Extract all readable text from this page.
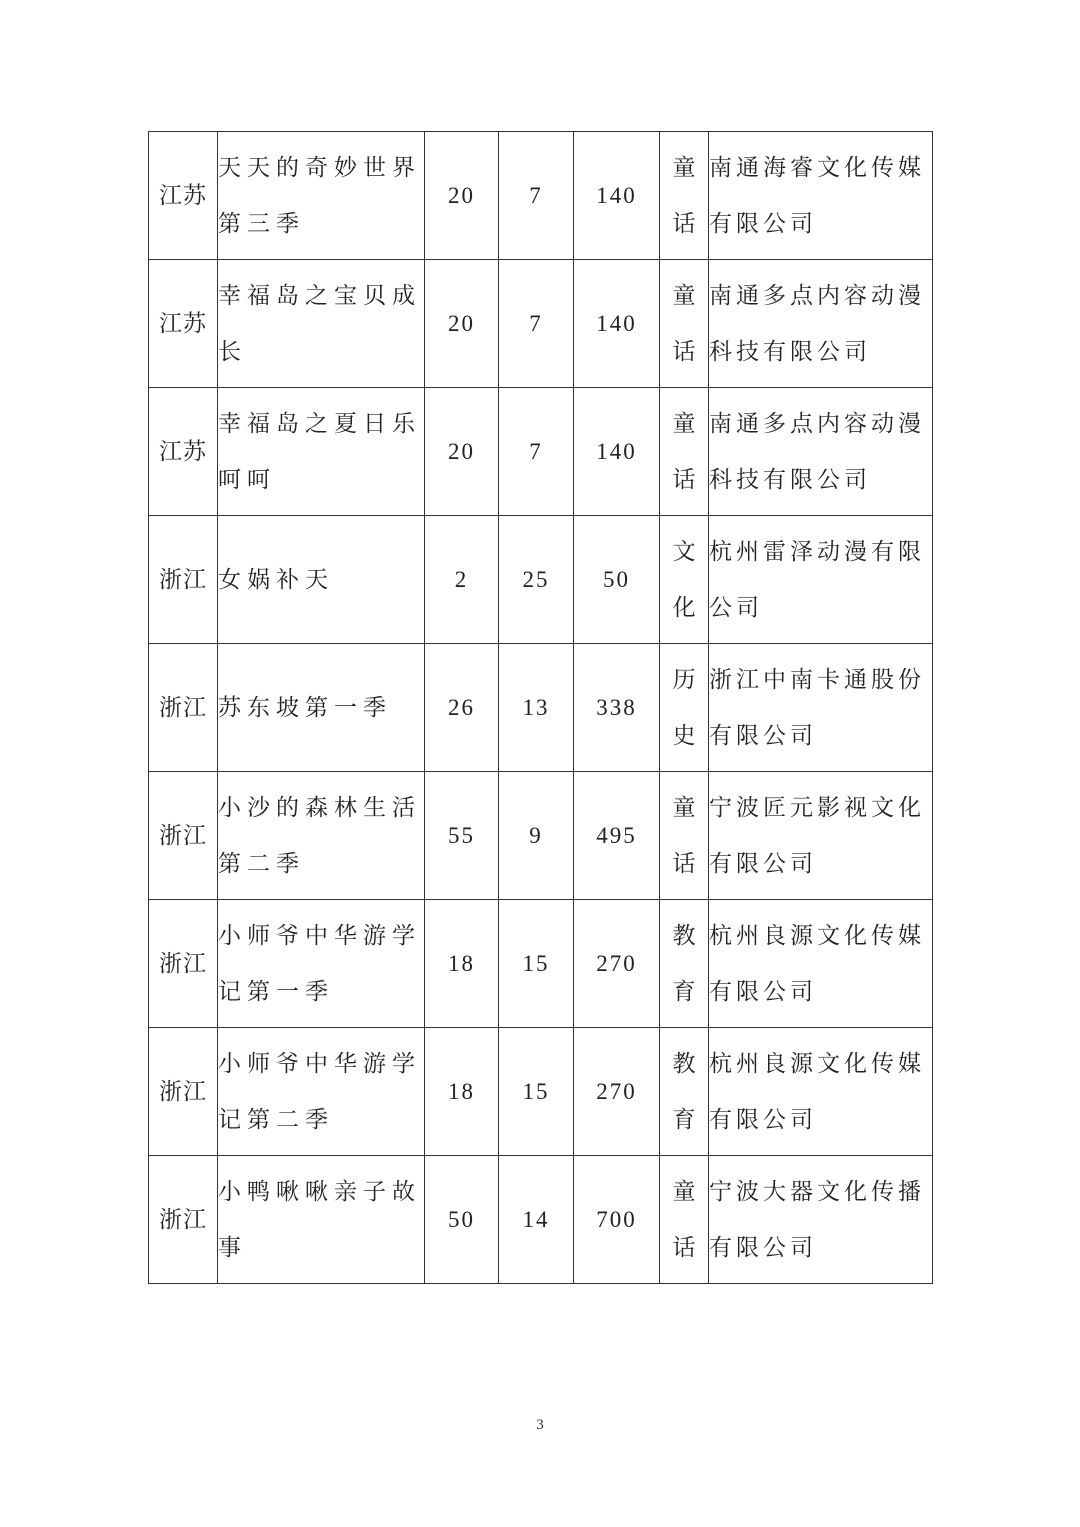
江苏	天天的奇妙世界第三季	20	7	140	童话	南通海睿文化传媒有限公司
江苏	幸福岛之宝贝成长	20	7	140	童话	南通多点内容动漫科技有限公司
江苏	幸福岛之夏日乐呵呵	20	7	140	童话	南通多点内容动漫科技有限公司
浙江	女娲补天	2	25	50	文化	杭州雷泽动漫有限公司
浙江	苏东坡第一季	26	13	338	历史	浙江中南卡通股份有限公司
浙江	小沙的森林生活第二季	55	9	495	童话	宁波匠元影视文化有限公司
浙江	小师爷中华游学记第一季	18	15	270	教育	杭州良源文化传媒有限公司
浙江	小师爷中华游学记第二季	18	15	270	教育	杭州良源文化传媒有限公司
浙江	小鸭啾啾亲子故事	50	14	700	童话	宁波大器文化传播有限公司
3
